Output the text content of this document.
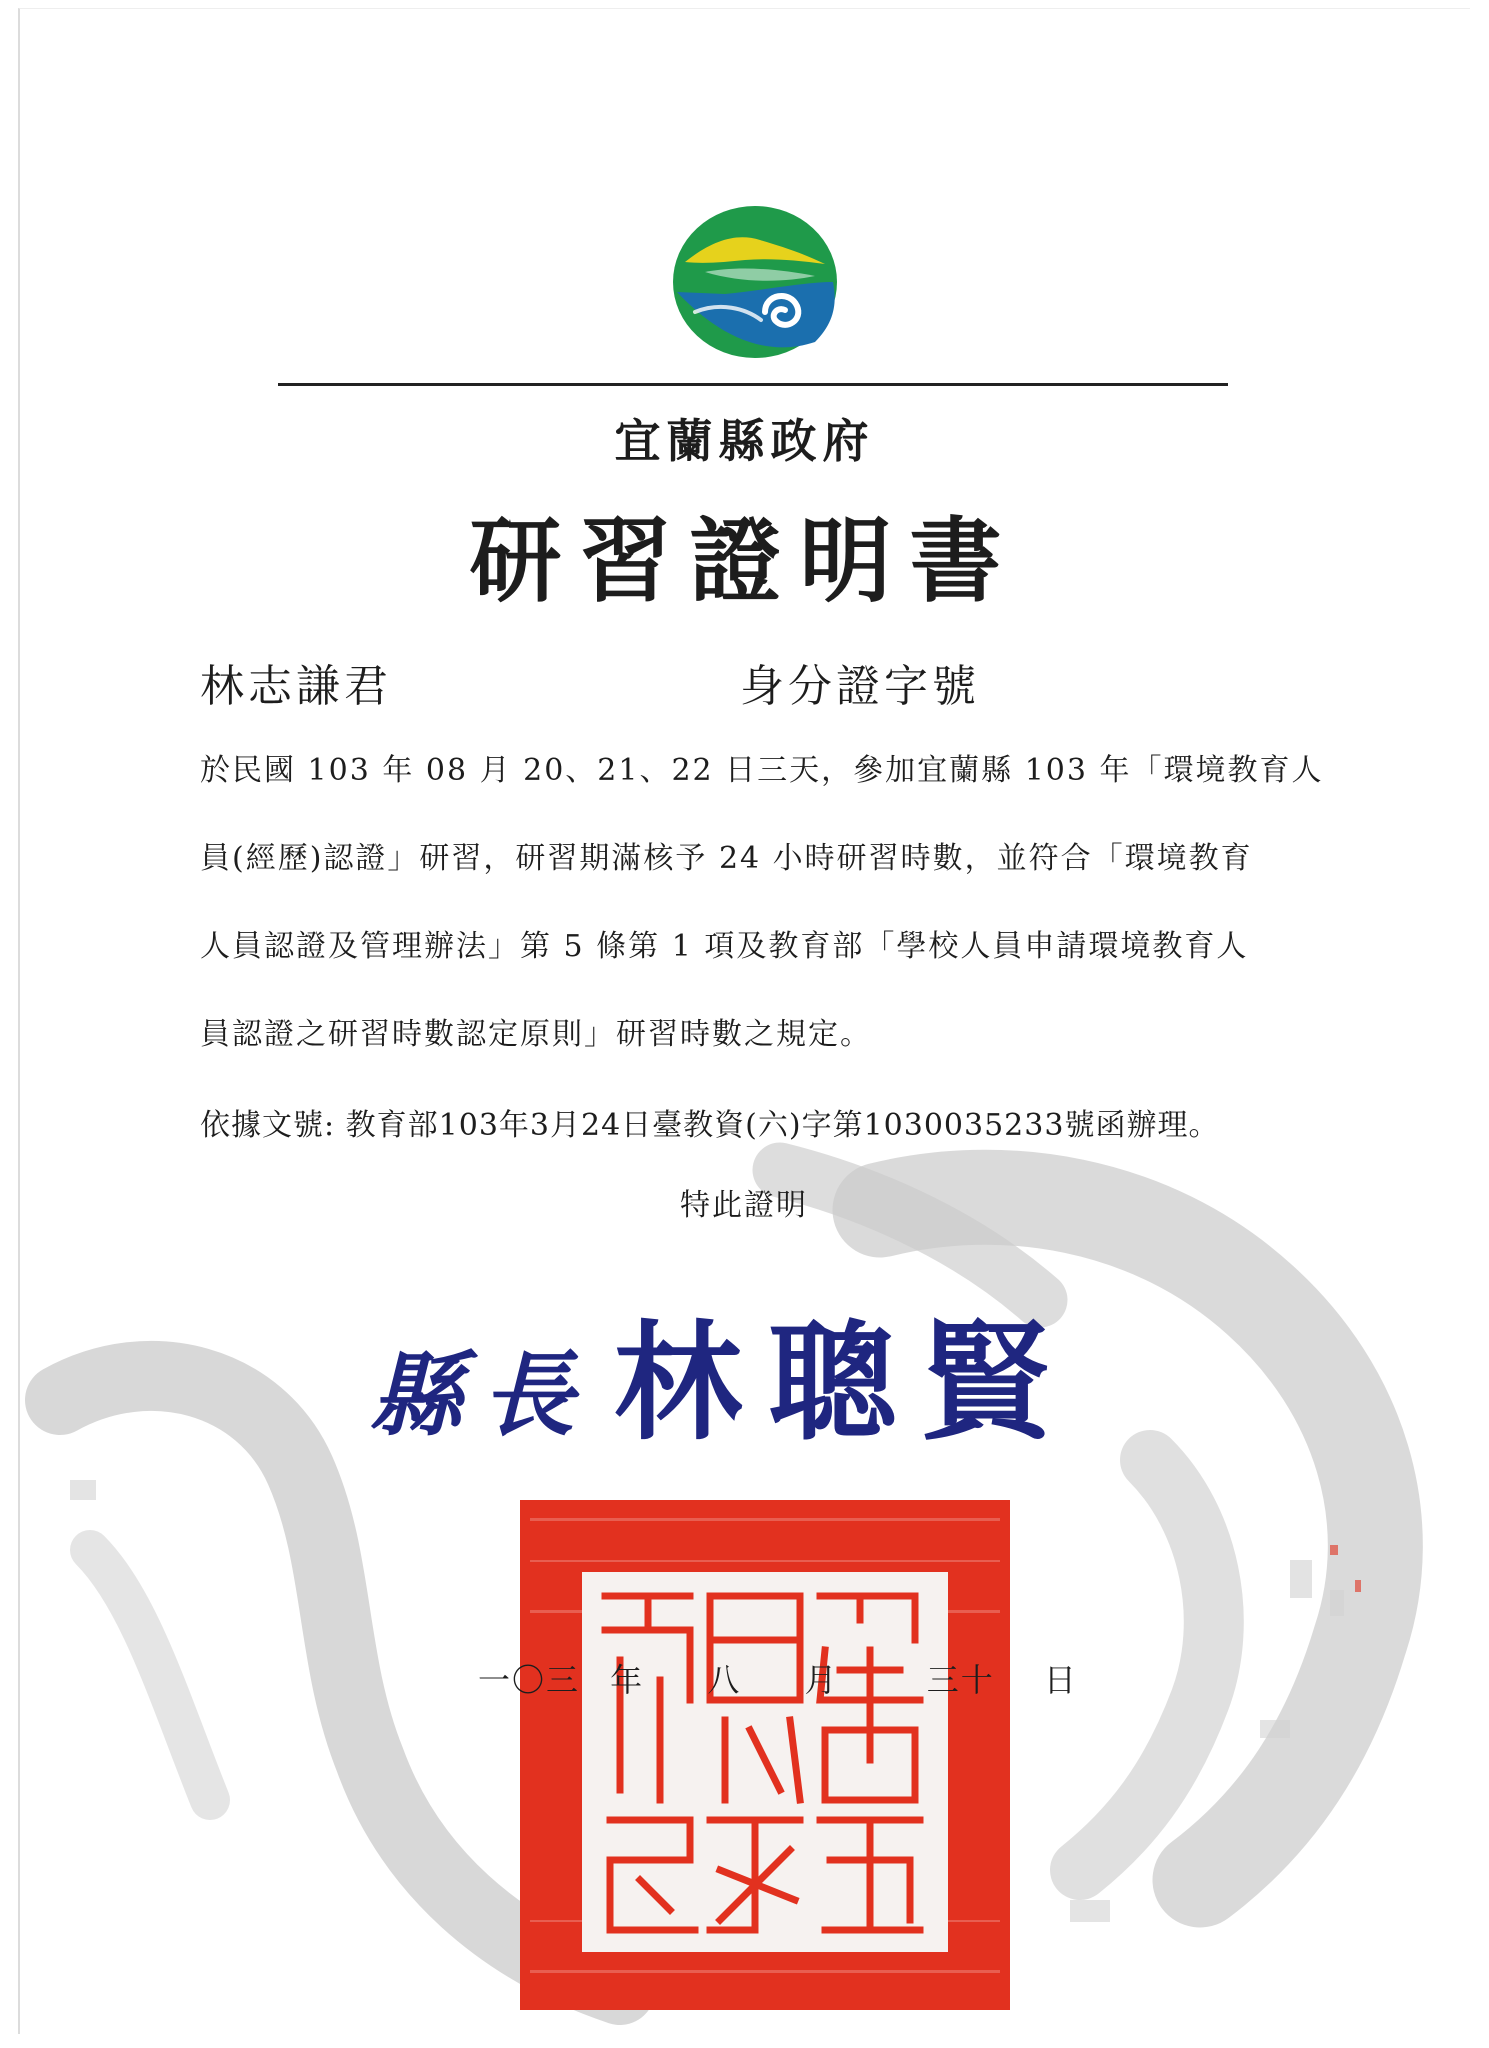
宜蘭縣政府
研習證明書
林志謙君	身分證字號
於民國 103 年 08 月 20、21、22 日三天，參加宜蘭縣 103 年「環境教育人
員(經歷)認證」研習，研習期滿核予 24 小時研習時數，並符合「環境教育
人員認證及管理辦法」第 5 條第 1 項及教育部「學校人員申請環境教育人
員認證之研習時數認定原則」研習時數之規定。
依據文號: 教育部103年3月24日臺教資(六)字第1030035233號函辦理。
特此證明
縣長 林聰賢
一〇三 年 八 月	三十 日
